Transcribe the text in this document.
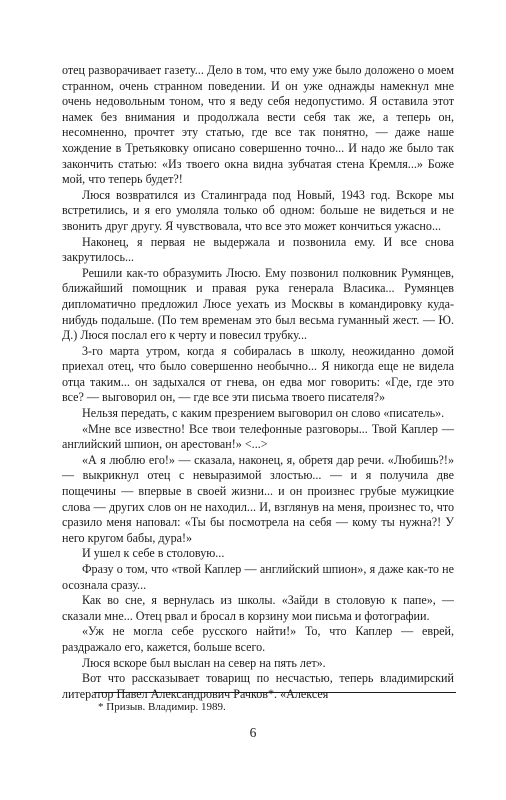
отец разворачивает газету... Дело в том, что ему уже было доложено о моем странном, очень странном поведении. И он уже однажды намекнул мне очень недовольным тоном, что я веду себя недопустимо. Я оставила этот намек без внимания и продолжала вести себя так же, а теперь он, несомненно, прочтет эту статью, где все так понятно, — даже наше хождение в Третьяковку описано совершенно точно... И надо же было так закончить статью: «Из твоего окна видна зубчатая стена Кремля...» Боже мой, что теперь будет?!

Люся возвратился из Сталинграда под Новый, 1943 год. Вскоре мы встретились, и я его умоляла только об одном: больше не видеться и не звонить друг другу. Я чувствовала, что все это может кончиться ужасно...

Наконец, я первая не выдержала и позвонила ему. И все снова закрутилось...

Решили как-то образумить Люсю. Ему позвонил полковник Румянцев, ближайший помощник и правая рука генерала Власика... Румянцев дипломатично предложил Люсе уехать из Москвы в командировку куда-нибудь подальше. (По тем временам это был весьма гуманный жест. — Ю. Д.) Люся послал его к черту и повесил трубку...

3-го марта утром, когда я собиралась в школу, неожиданно домой приехал отец, что было совершенно необычно... Я никогда еще не видела отца таким... он задыхался от гнева, он едва мог говорить: «Где, где это все? — выговорил он, — где все эти письма твоего писателя?»

Нельзя передать, с каким презрением выговорил он слово «писатель».

«Мне все известно! Все твои телефонные разговоры... Твой Каплер — английский шпион, он арестован!» <...>

«А я люблю его!» — сказала, наконец, я, обретя дар речи. «Любишь?!» — выкрикнул отец с невыразимой злостью... — и я получила две пощечины — впервые в своей жизни... и он произнес грубые мужицкие слова — других слов он не находил... И, взглянув на меня, произнес то, что сразило меня наповал: «Ты бы посмотрела на себя — кому ты нужна?! У него кругом бабы, дура!»

И ушел к себе в столовую...

Фразу о том, что «твой Каплер — английский шпион», я даже как-то не осознала сразу...

Как во сне, я вернулась из школы. «Зайди в столовую к папе», — сказали мне... Отец рвал и бросал в корзину мои письма и фотографии.

«Уж не могла себе русского найти!» То, что Каплер — еврей, раздражало его, кажется, больше всего.

Люся вскоре был выслан на север на пять лет».

Вот что рассказывает товарищ по несчастью, теперь владимирский литератор Павел Александрович Рачков*. «Алексея

* Призыв. Владимир. 1989.
6
